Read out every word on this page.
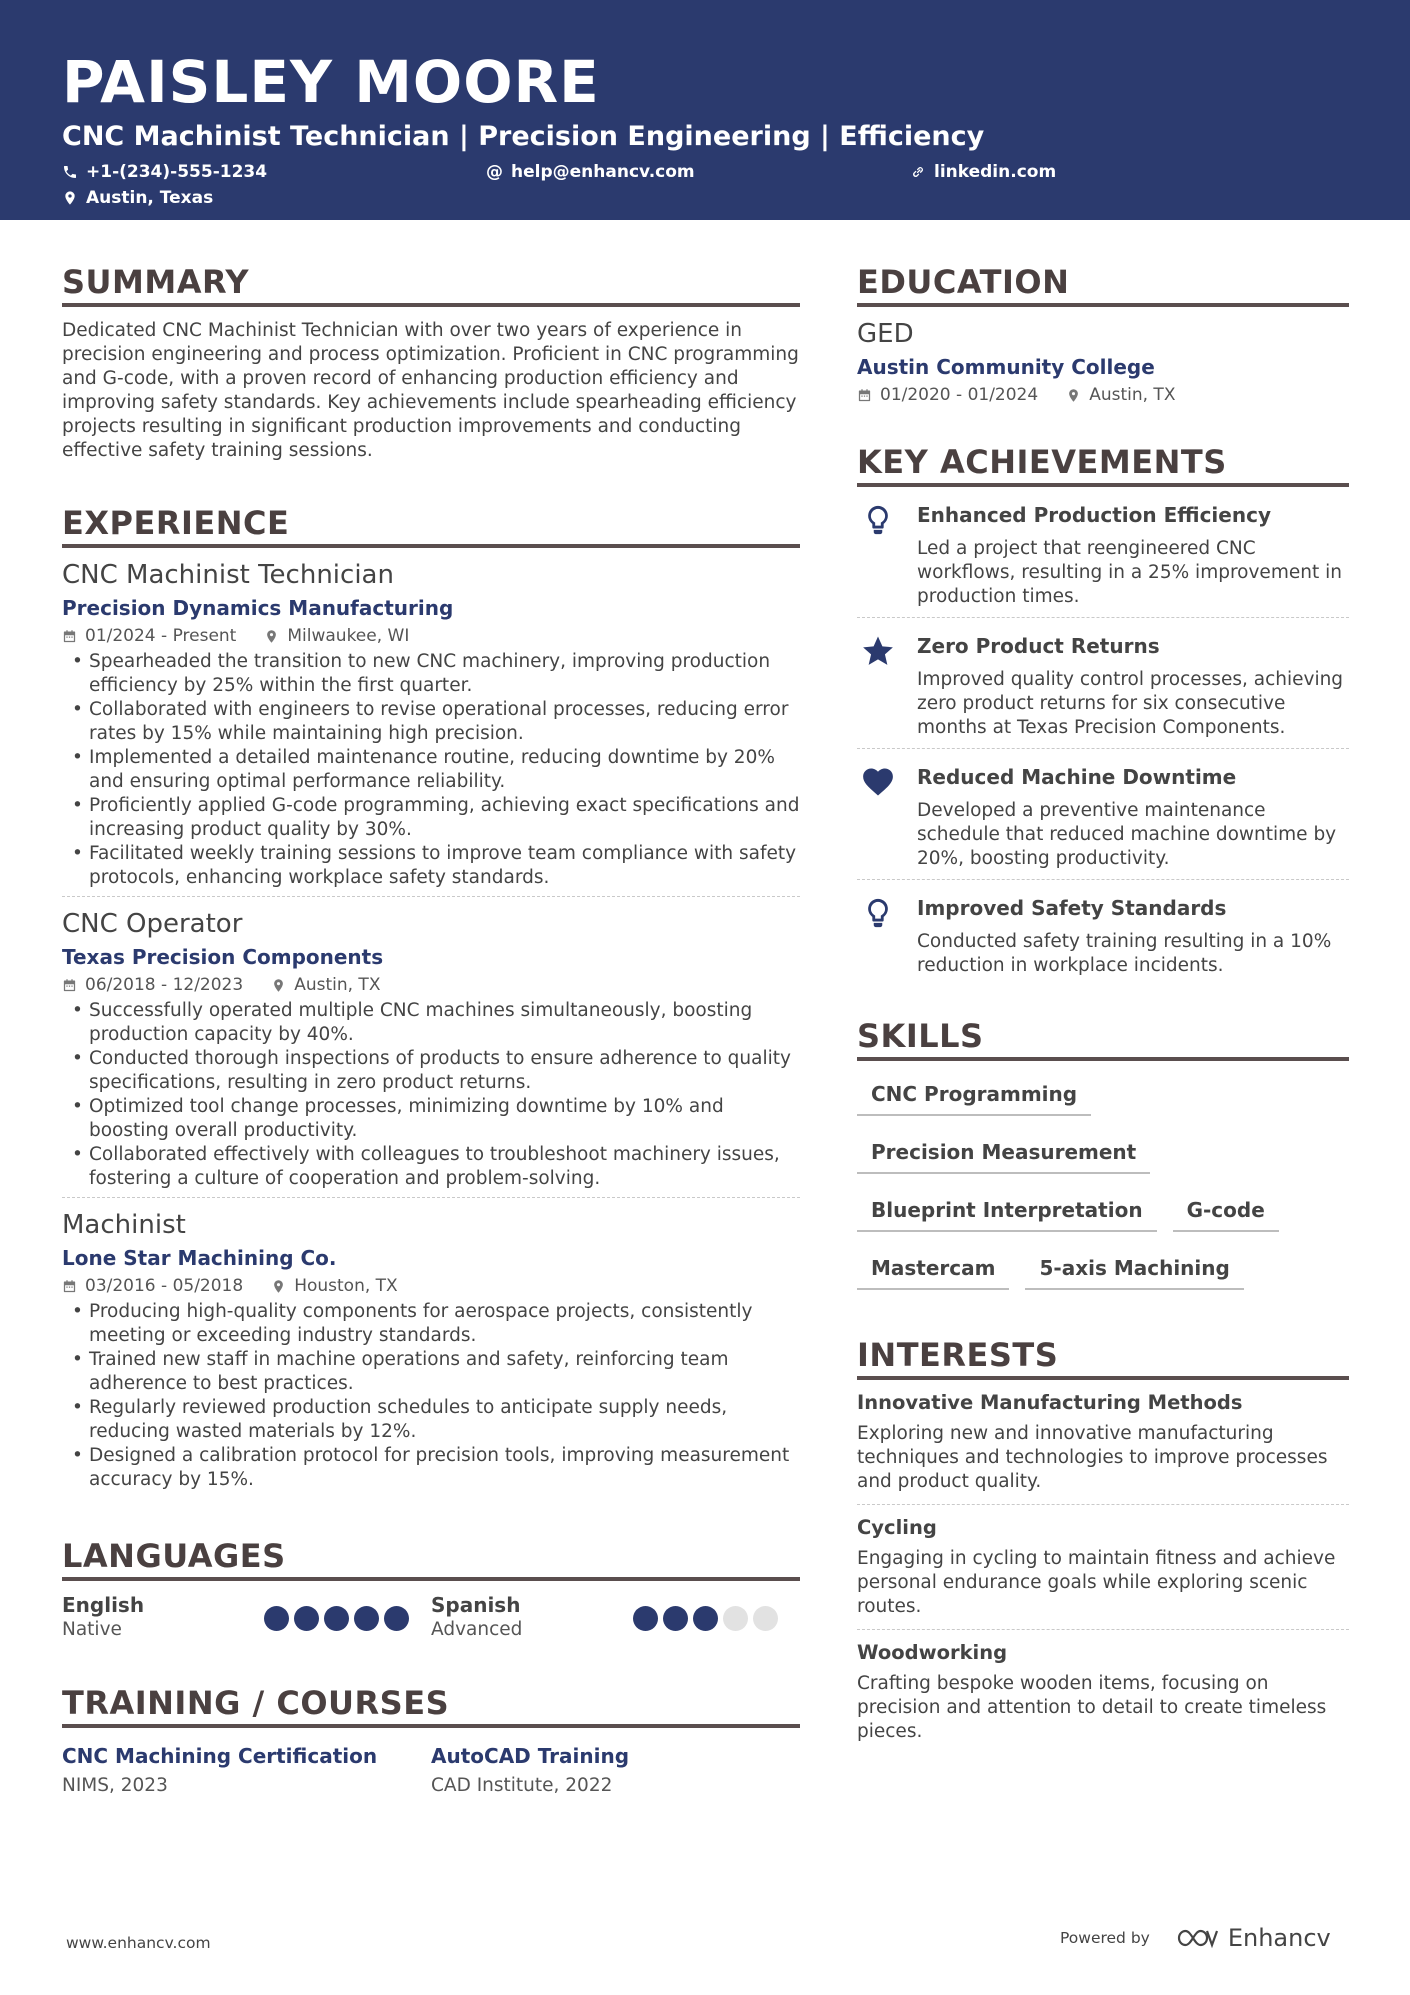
PAISLEY MOORE
CNC Machinist Technician | Precision Engineering | Efficiency
+1-(234)-555-1234	@ help@enhancv.com	linkedin.com
Austin, Texas
SUMMARY
Dedicated CNC Machinist Technician with over two years of experience in precision engineering and process optimization. Proficient in CNC programming and G-code, with a proven record of enhancing production efficiency and improving safety standards. Key achievements include spearheading efficiency projects resulting in significant production improvements and conducting effective safety training sessions.
EXPERIENCE
CNC Machinist Technician
Precision Dynamics Manufacturing
01/2024 - Present	Milwaukee, WI
• Spearheaded the transition to new CNC machinery, improving production efficiency by 25% within the first quarter.
• Collaborated with engineers to revise operational processes, reducing error rates by 15% while maintaining high precision.
• Implemented a detailed maintenance routine, reducing downtime by 20% and ensuring optimal performance reliability.
• Proficiently applied G-code programming, achieving exact specifications and increasing product quality by 30%.
• Facilitated weekly training sessions to improve team compliance with safety protocols, enhancing workplace safety standards.
CNC Operator
Texas Precision Components
06/2018 - 12/2023	Austin, TX
• Successfully operated multiple CNC machines simultaneously, boosting production capacity by 40%.
• Conducted thorough inspections of products to ensure adherence to quality specifications, resulting in zero product returns.
• Optimized tool change processes, minimizing downtime by 10% and boosting overall productivity.
• Collaborated effectively with colleagues to troubleshoot machinery issues, fostering a culture of cooperation and problem-solving.
Machinist
Lone Star Machining Co.
03/2016 - 05/2018	Houston, TX
• Producing high-quality components for aerospace projects, consistently meeting or exceeding industry standards.
• Trained new staff in machine operations and safety, reinforcing team adherence to best practices.
• Regularly reviewed production schedules to anticipate supply needs, reducing wasted materials by 12%.
• Designed a calibration protocol for precision tools, improving measurement accuracy by 15%.
LANGUAGES
English
Native
Spanish
Advanced
TRAINING / COURSES
CNC Machining Certification
NIMS, 2023
AutoCAD Training
CAD Institute, 2022
EDUCATION
GED
Austin Community College
01/2020 - 01/2024	Austin, TX
KEY ACHIEVEMENTS
Enhanced Production Efficiency
Led a project that reengineered CNC workflows, resulting in a 25% improvement in production times.
Zero Product Returns
Improved quality control processes, achieving zero product returns for six consecutive months at Texas Precision Components.
Reduced Machine Downtime
Developed a preventive maintenance schedule that reduced machine downtime by 20%, boosting productivity.
Improved Safety Standards
Conducted safety training resulting in a 10% reduction in workplace incidents.
SKILLS
CNC Programming
Precision Measurement
Blueprint Interpretation	G-code
Mastercam	5-axis Machining
INTERESTS
Innovative Manufacturing Methods
Exploring new and innovative manufacturing techniques and technologies to improve processes and product quality.
Cycling
Engaging in cycling to maintain fitness and achieve personal endurance goals while exploring scenic routes.
Woodworking
Crafting bespoke wooden items, focusing on precision and attention to detail to create timeless pieces.
www.enhancv.com	Powered by	Enhancv
